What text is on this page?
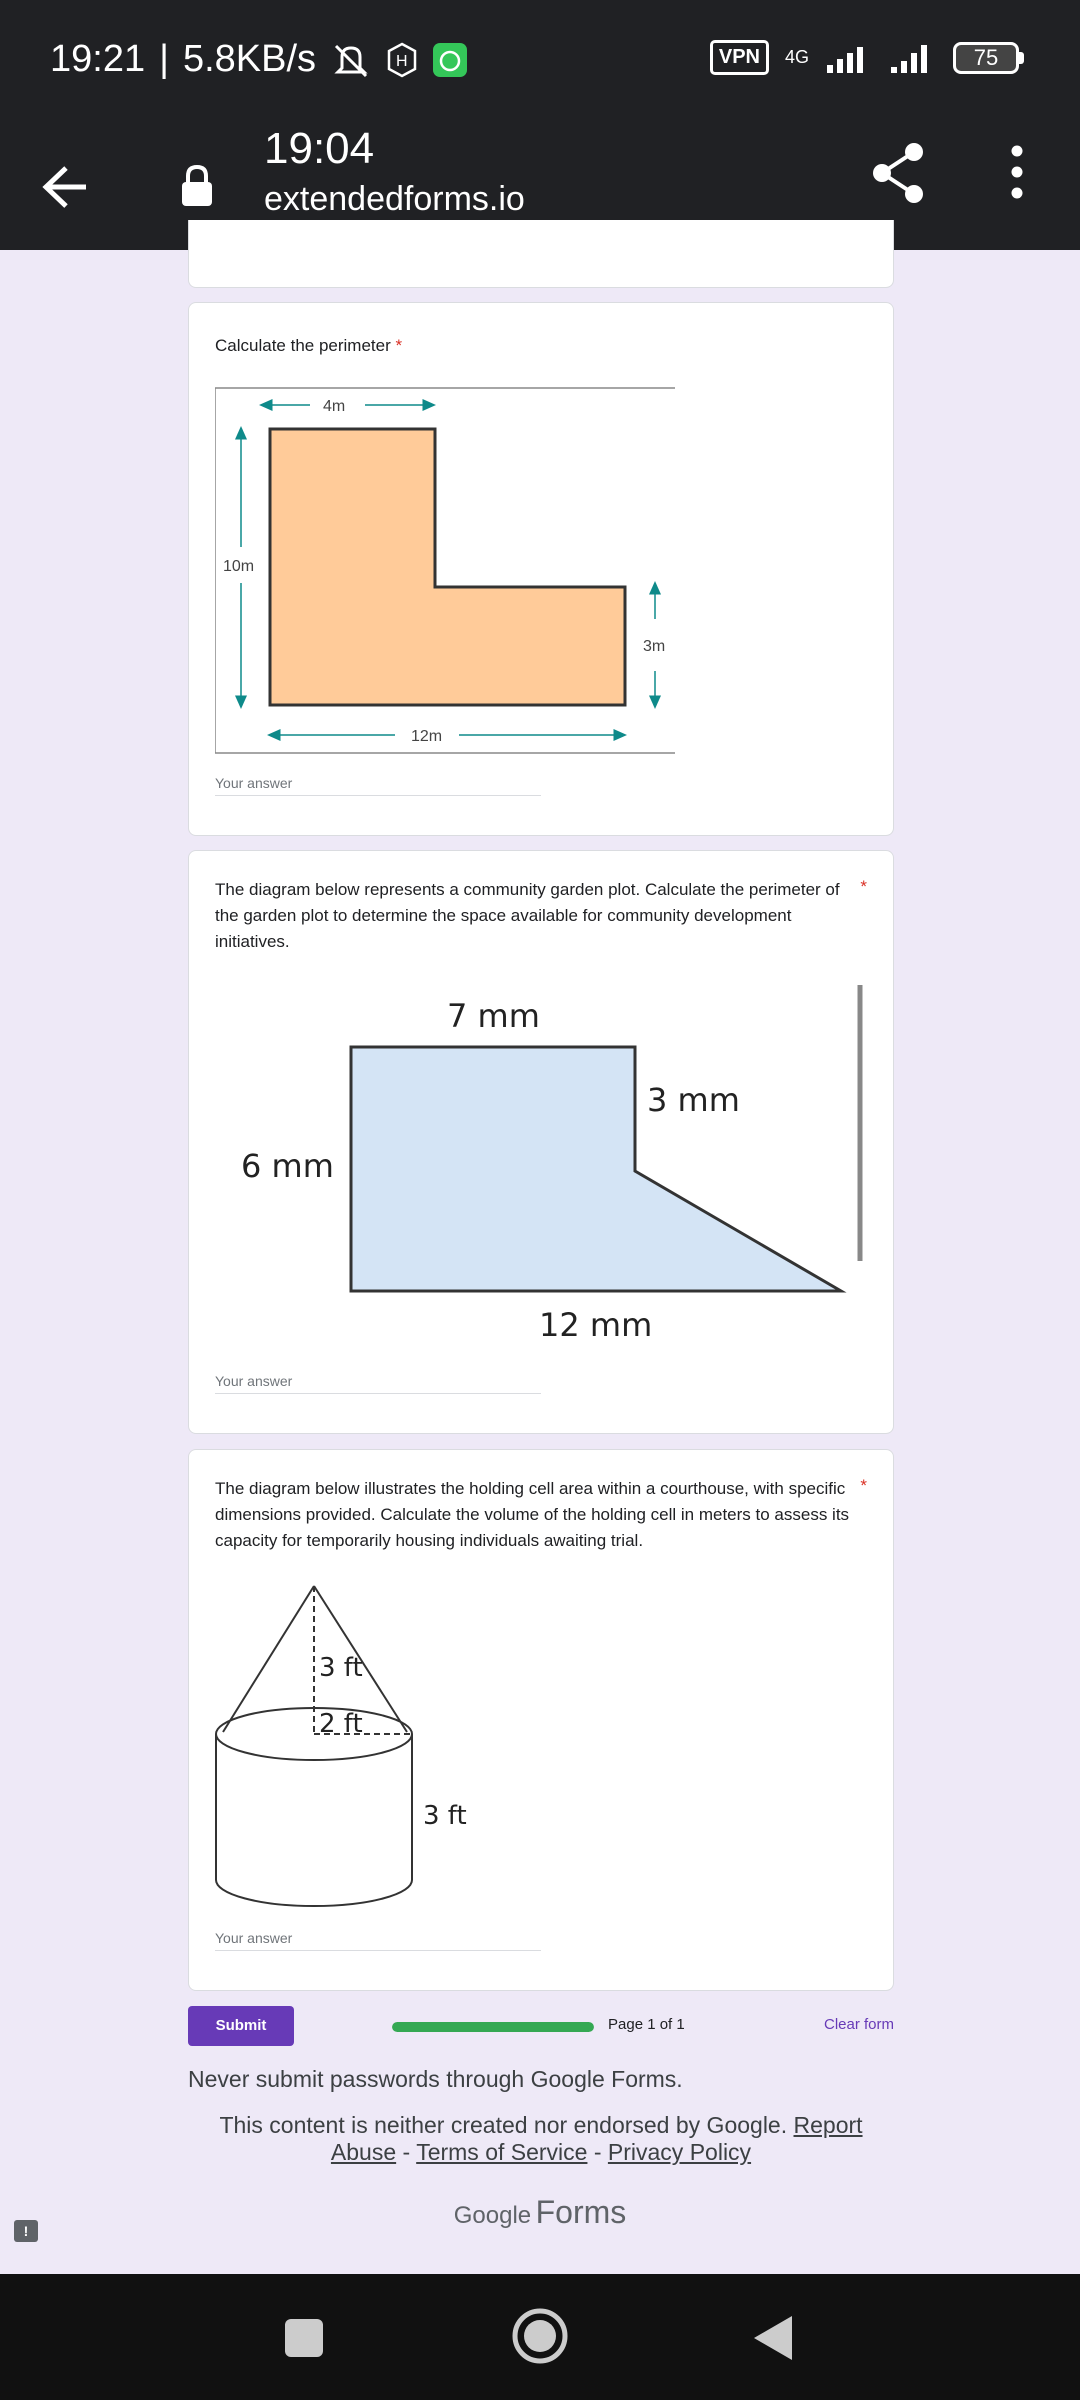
19:21 | 5.8KB/s	H	VPN	4G	75
19:04
extendedforms.io
Calculate the perimeter *
4m
10m
3m
12m
Your answer
The diagram below represents a community garden plot. Calculate the perimeter of the garden plot to determine the space available for community development initiatives.
*
7 mm
3 mm
6 mm
12 mm
Your answer
The diagram below illustrates the holding cell area within a courthouse, with specific dimensions provided. Calculate the volume of the holding cell in meters to assess its capacity for temporarily housing individuals awaiting trial.
*
3 ft
2 ft
3 ft
Your answer
Submit	Page 1 of 1	Clear form
Never submit passwords through Google Forms.
This content is neither created nor endorsed by Google. Report Abuse - Terms of Service - Privacy Policy
Google Forms
!
